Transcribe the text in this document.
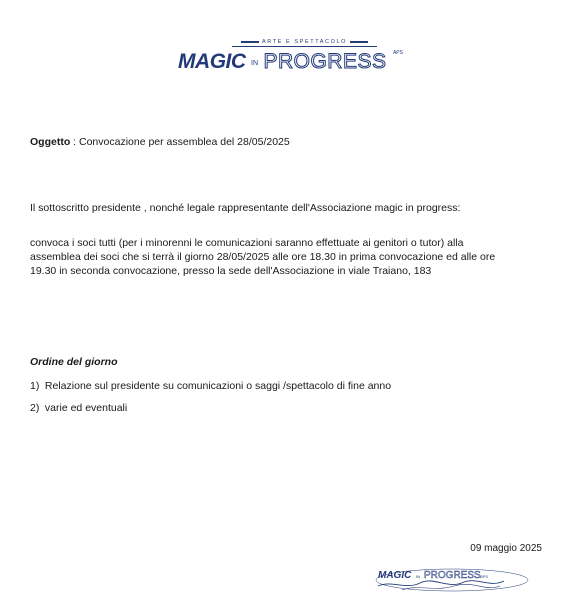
ARTE E SPETTACOLO
MAGIC IN PROGRESS $^{APS}$
Oggetto : Convocazione per assemblea del 28/05/2025
Il sottoscritto presidente , nonché legale rappresentante dell'Associazione magic in progress:
convoca i soci tutti (per i minorenni le comunicazioni saranno effettuate ai genitori o tutor) alla assemblea dei soci che si terrà il giorno 28/05/2025 alle ore 18.30 in prima convocazione ed alle ore 19.30 in seconda convocazione, presso la sede dell'Associazione in viale Traiano, 183
Ordine del giorno
1) Relazione sul presidente su comunicazioni o saggi /spettacolo di fine anno
2) varie ed eventuali
09 maggio 2025
MAGIC IN PROGRESS APS
